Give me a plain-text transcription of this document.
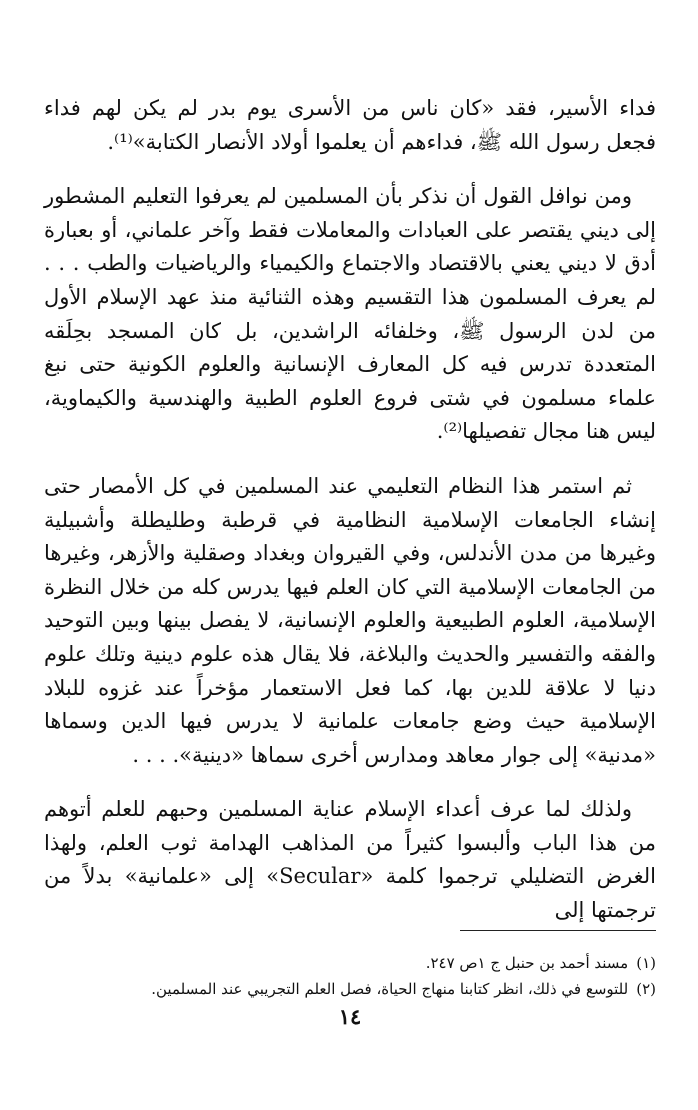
فداء الأسير، فقد «كان ناس من الأسرى يوم بدر لم يكن لهم فداء فجعل رسول الله ﷺ، فداءهم أن يعلموا أولاد الأنصار الكتابة»⁽¹⁾.

ومن نوافل القول أن نذكر بأن المسلمين لم يعرفوا التعليم المشطور إلى ديني يقتصر على العبادات والمعاملات فقط وآخر علماني، أو بعبارة أدق لا ديني يعني بالاقتصاد والاجتماع والكيمياء والرياضيات والطب . . . لم يعرف المسلمون هذا التقسيم وهذه الثنائية منذ عهد الإسلام الأول من لدن الرسول ﷺ، وخلفائه الراشدين، بل كان المسجد بحِلَقه المتعددة تدرس فيه كل المعارف الإنسانية والعلوم الكونية حتى نبغ علماء مسلمون في شتى فروع العلوم الطبية والهندسية والكيماوية، ليس هنا مجال تفصيلها⁽²⁾.

ثم استمر هذا النظام التعليمي عند المسلمين في كل الأمصار حتى إنشاء الجامعات الإسلامية النظامية في قرطبة وطليطلة وأشبيلية وغيرها من مدن الأندلس، وفي القيروان وبغداد وصقلية والأزهر، وغيرها من الجامعات الإسلامية التي كان العلم فيها يدرس كله من خلال النظرة الإسلامية، العلوم الطبيعية والعلوم الإنسانية، لا يفصل بينها وبين التوحيد والفقه والتفسير والحديث والبلاغة، فلا يقال هذه علوم دينية وتلك علوم دنيا لا علاقة للدين بها، كما فعل الاستعمار مؤخراً عند غزوه للبلاد الإسلامية حيث وضع جامعات علمانية لا يدرس فيها الدين وسماها «مدنية» إلى جوار معاهد ومدارس أخرى سماها «دينية». . . .

ولذلك لما عرف أعداء الإسلام عناية المسلمين وحبهم للعلم أتوهم من هذا الباب وألبسوا كثيراً من المذاهب الهدامة ثوب العلم، ولهذا الغرض التضليلي ترجموا كلمة «Secular» إلى «علمانية» بدلاً من ترجمتها إلى

(١)مسند أحمد بن حنبل ج ١ص ٢٤٧.

(٢)للتوسع في ذلك، انظر كتابنا منهاج الحياة، فصل العلم التجريبي عند المسلمين.

١٤
